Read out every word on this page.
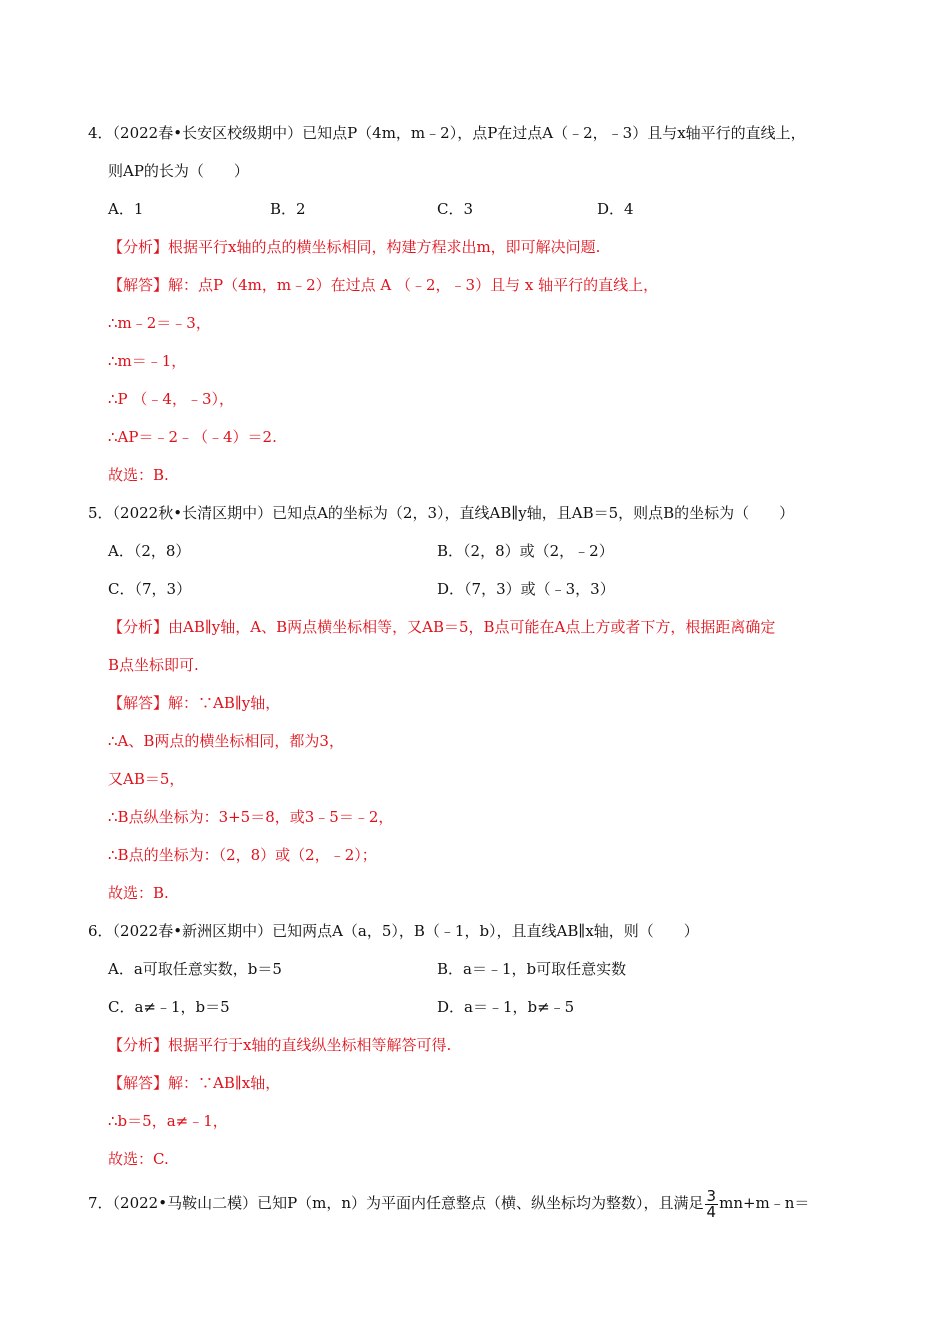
4．（2022春•长安区校级期中）已知点P（4m，m﹣2），点P在过点A（﹣2，﹣3）且与x轴平行的直线上，
则AP的长为（　　）
A．1	B．2	C．3	D．4
【分析】根据平行x轴的点的横坐标相同，构建方程求出m，即可解决问题.
【解答】解：点P（4m，m﹣2）在过点 A （﹣2，﹣3）且与 x 轴平行的直线上，
∴m﹣2＝﹣3，
∴m＝﹣1，
∴P （﹣4，﹣3），
∴AP＝﹣2﹣（﹣4）＝2.
故选：B.
5．（2022秋•长清区期中）已知点A的坐标为（2，3），直线AB∥y轴，且AB＝5，则点B的坐标为（　　）
A．（2，8）	B．（2，8）或（2，﹣2）
C．（7，3）	D．（7，3）或（﹣3，3）
【分析】由AB∥y轴，A、B两点横坐标相等，又AB＝5，B点可能在A点上方或者下方，根据距离确定
B点坐标即可.
【解答】解：∵AB∥y轴，
∴A、B两点的横坐标相同，都为3，
又AB＝5，
∴B点纵坐标为：3+5＝8，或3﹣5＝﹣2，
∴B点的坐标为：（2，8）或（2，﹣2）；
故选：B.
6．（2022春•新洲区期中）已知两点A（a，5），B（﹣1，b），且直线AB∥x轴，则（　　）
A．a可取任意实数，b＝5	B．a＝﹣1，b可取任意实数
C．a≠﹣1，b＝5	D．a＝﹣1，b≠﹣5
【分析】根据平行于x轴的直线纵坐标相等解答可得.
【解答】解：∵AB∥x轴，
∴b＝5，a≠﹣1，
故选：C.
7．（2022•马鞍山二模）已知P（m，n）为平面内任意整点（横、纵坐标均为整数），且满足 $\frac{3}{4}$ mn+m﹣n＝
